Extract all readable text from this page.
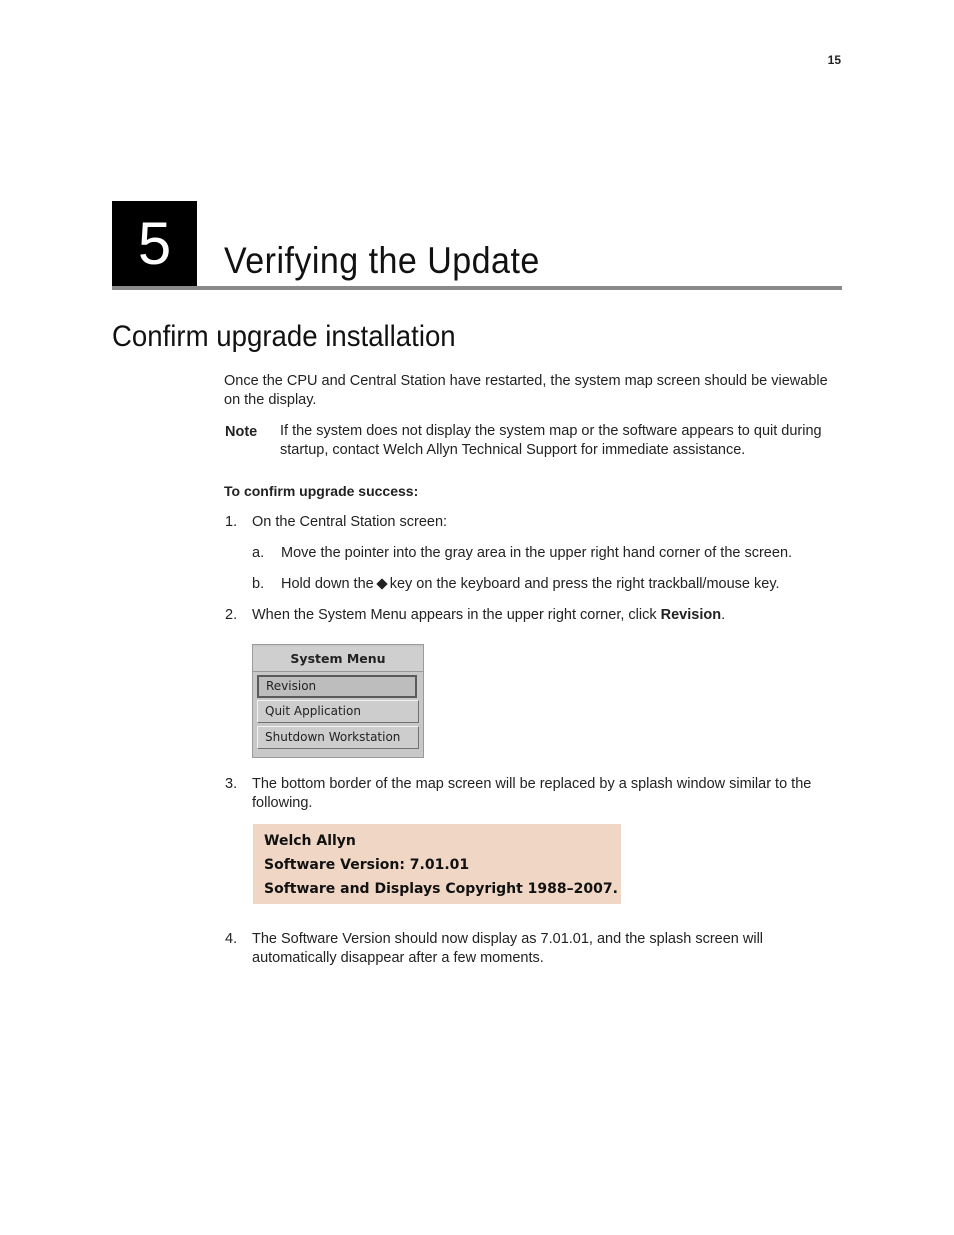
15
5	Verifying the Update
Confirm upgrade installation
Once the CPU and Central Station have restarted, the system map screen should be viewable on the display.
Note If the system does not display the system map or the software appears to quit during startup, contact Welch Allyn Technical Support for immediate assistance.
To confirm upgrade success:
1. On the Central Station screen:
a. Move the pointer into the gray area in the upper right hand corner of the screen.
b. Hold down the key on the keyboard and press the right trackball/mouse key.
2. When the System Menu appears in the upper right corner, click Revision.
System Menu
Revision
Quit Application
Shutdown Workstation
3. The bottom border of the map screen will be replaced by a splash window similar to the following.
Welch Allyn
Software Version: 7.01.01
Software and Displays Copyright 1988–2007.
4. The Software Version should now display as 7.01.01, and the splash screen will automatically disappear after a few moments.
